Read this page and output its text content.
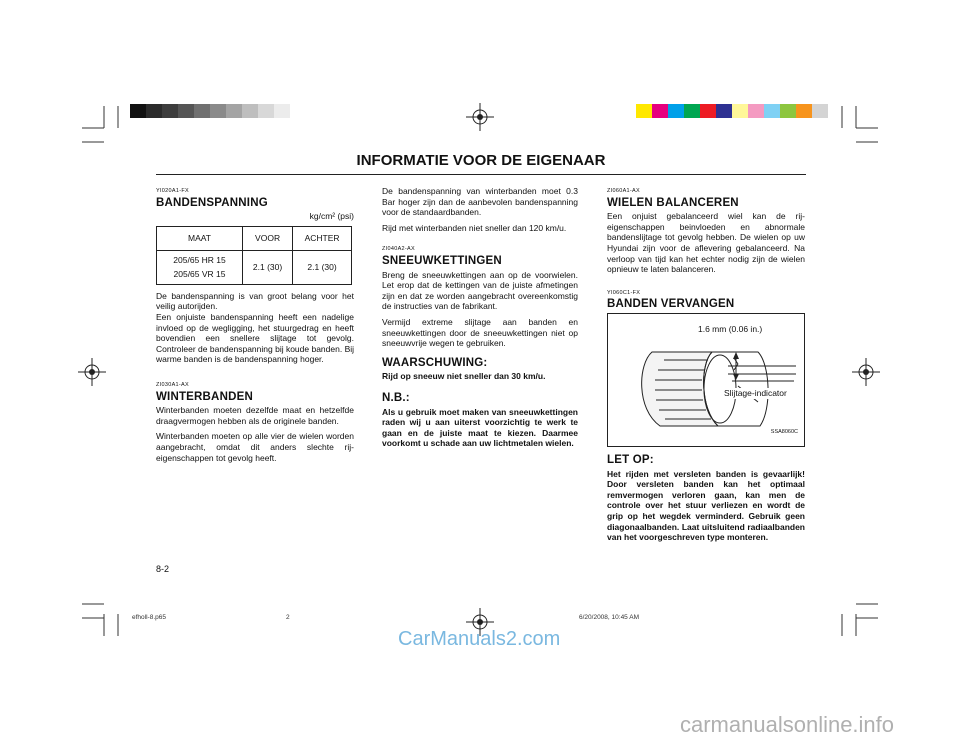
INFORMATIE VOOR DE EIGENAAR
YI020A1-FX
BANDENSPANNING
kg/cm² (psi)
MAAT	VOOR	ACHTER

205/65 HR 15
205/65 VR 15	2.1 (30)	2.1 (30)

De bandenspanning is van groot belang voor het veilig autorijden.

Een onjuiste bandenspanning heeft een nadelige invloed op de wegligging, het stuurgedrag en heeft bovendien een snellere slijtage tot gevolg. Controleer de bandenspanning bij koude banden. Bij warme banden is de bandenspanning hoger.

ZI030A1-AX
WINTERBANDEN

Winterbanden moeten dezelfde maat en hetzelfde draagvermogen hebben als de originele banden.

Winterbanden moeten op alle vier de wielen worden aangebracht, omdat dit anders slechte rij-eigenschappen tot gevolg heeft.

De bandenspanning van winterbanden moet 0.3 Bar hoger zijn dan de aanbevolen bandenspanning voor de standaardbanden.

Rijd met winterbanden niet sneller dan 120 km/u.

ZI040A2-AX
SNEEUWKETTINGEN

Breng de sneeuwkettingen aan op de voorwielen. Let erop dat de kettingen van de juiste afmetingen zijn en dat ze worden aangebracht overeenkomstig de instructies van de fabrikant.

Vermijd extreme slijtage aan banden en sneeuwkettingen door de sneeuwkettingen niet op sneeuwvrije wegen te gebruiken.

WAARSCHUWING:

Rijd op sneeuw niet sneller dan 30 km/u.

N.B.:

Als u gebruik moet maken van sneeuwkettingen raden wij u aan uiterst voorzichtig te werk te gaan en de juiste maat te kiezen. Daarmee voorkomt u schade aan uw lichtmetalen wielen.

ZI060A1-AX
WIELEN BALANCEREN

Een onjuist gebalanceerd wiel kan de rij-eigenschappen beinvloeden en abnormale bandenslijtage tot gevolg hebben. De wielen op uw Hyundai zijn voor de aflevering gebalanceerd. Na verloop van tijd kan het echter nodig zijn de wielen opnieuw te laten balanceren.

YI060C1-FX
BANDEN VERVANGEN
1.6 mm (0.06 in.)
Slijtage-indicator
SSA8060C
LET OP:

Het rijden met versleten banden is gevaarlijk! Door versleten banden kan het optimaal remvermogen verloren gaan, kan men de controle over het stuur verliezen en wordt de grip op het wegdek verminderd. Gebruik geen diagonaalbanden. Laat uitsluitend radiaalbanden van het voorgeschreven type monteren.

8-2
efholl-8.p65	2	6/20/2008, 10:45 AM
CarManuals2.com
carmanualsonline.info
